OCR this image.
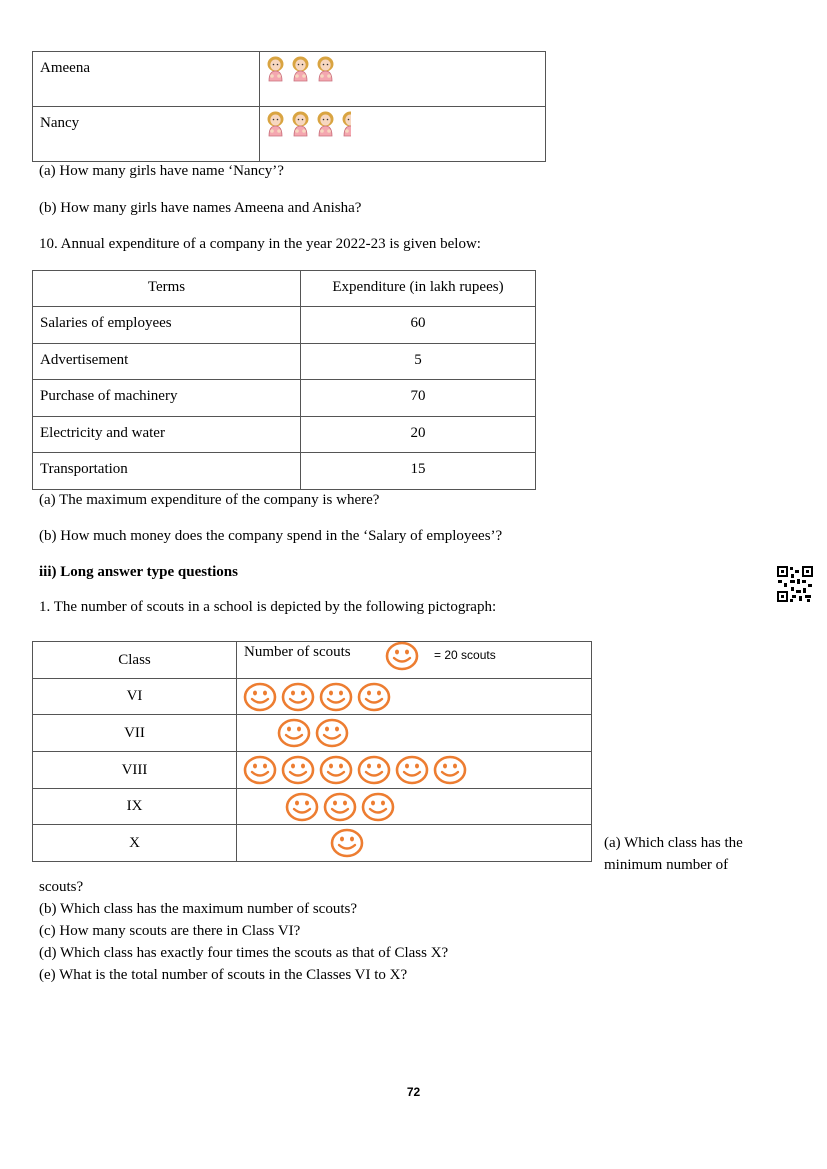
Ameena	

Nancy	
(a) How many girls have name ‘Nancy’?
(b) How many girls have names Ameena and Anisha?
10. Annual expenditure of a company in the year 2022-23 is given below:
Terms	Expenditure (in lakh rupees)
Salaries of employees	60
Advertisement	5
Purchase of machinery	70
Electricity and water	20
Transportation	15
(a) The maximum expenditure of the company is where?
(b) How much money does the company spend in the ‘Salary of employees’?
iii) Long answer type questions
1. The number of scouts in a school is depicted by the following pictograph:
Class	Number of scouts
VI	

VII	

VIII	

IX	

X	
= 20 scouts
(a) Which class has the
minimum number of
scouts?
(b) Which class has the maximum number of scouts?
(c) How many scouts are there in Class VI?
(d) Which class has exactly four times the scouts as that of Class X?
(e) What is the total number of scouts in the Classes VI to X?
72
